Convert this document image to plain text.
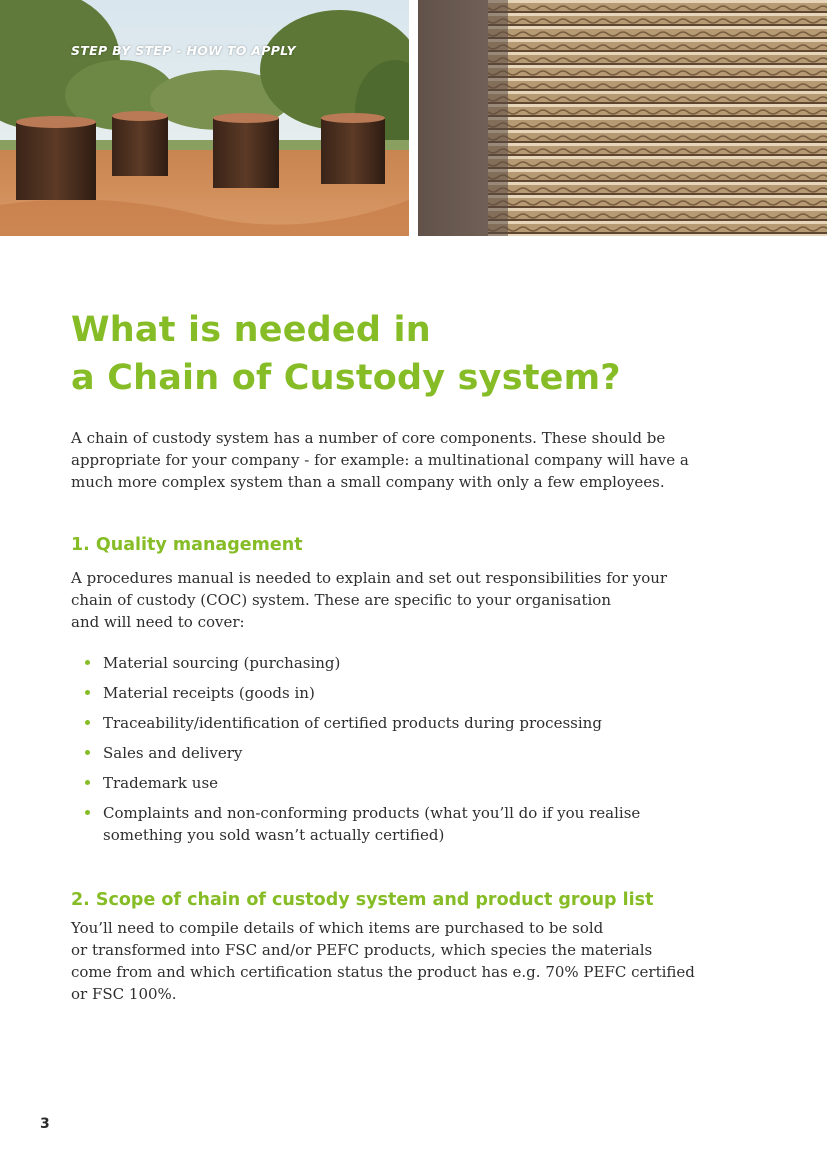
STEP BY STEP - HOW TO APPLY
What is needed in
a Chain of Custody system?

A chain of custody system has a number of core components. These should be
appropriate for your company - for example: a multinational company will have a
much more complex system than a small company with only a few employees.

1. Quality management

A procedures manual is needed to explain and set out responsibilities for your
chain of custody (COC) system. These are specific to your organisation
and will need to cover:

Material sourcing (purchasing)
Material receipts (goods in)
Traceability/identification of certified products during processing
Sales and delivery
Trademark use
Complaints and non-conforming products (what you’ll do if you realise
something you sold wasn’t actually certified)
2. Scope of chain of custody system and product group list

You’ll need to compile details of which items are purchased to be sold
or transformed into FSC and/or PEFC products, which species the materials
come from and which certification status the product has e.g. 70% PEFC certified
or FSC 100%.

3
